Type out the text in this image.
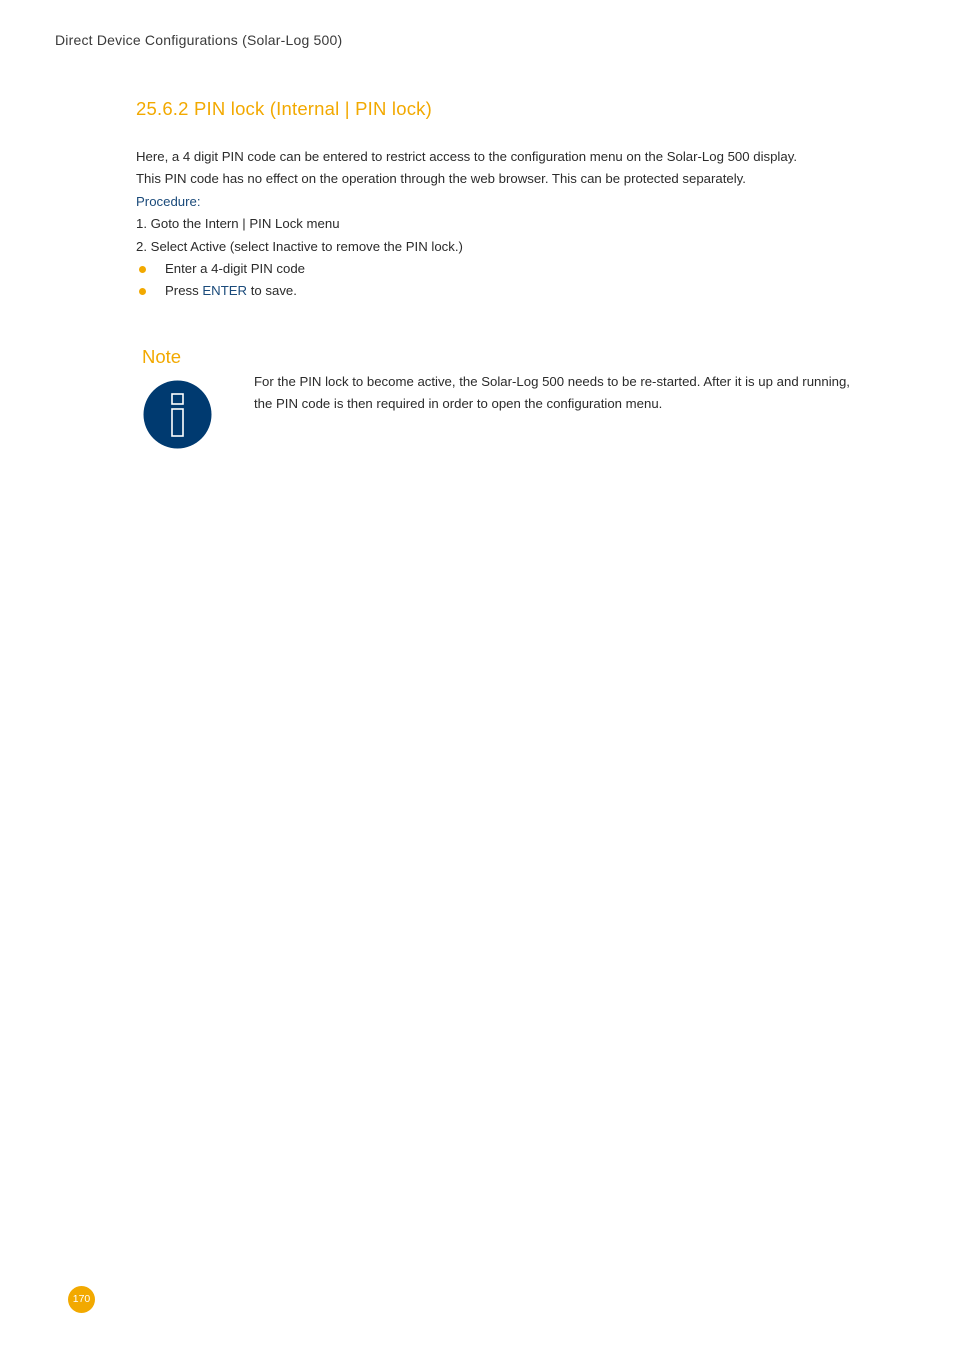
Direct Device Configurations (Solar-Log 500)
25.6.2 PIN lock (Internal | PIN lock)

Here, a 4 digit PIN code can be entered to restrict access to the configuration menu on the Solar-Log 500 display.

This PIN code has no effect on the operation through the web browser. This can be protected separately.

Procedure:

1. Goto the Intern | PIN Lock menu

2. Select Active (select Inactive to remove the PIN lock.)

Enter a 4-digit PIN code
Press ENTER to save.
Note
For the PIN lock to become active, the Solar-Log 500 needs to be re-started. After it is up and running, the PIN code is then required in order to open the configuration menu.
170
